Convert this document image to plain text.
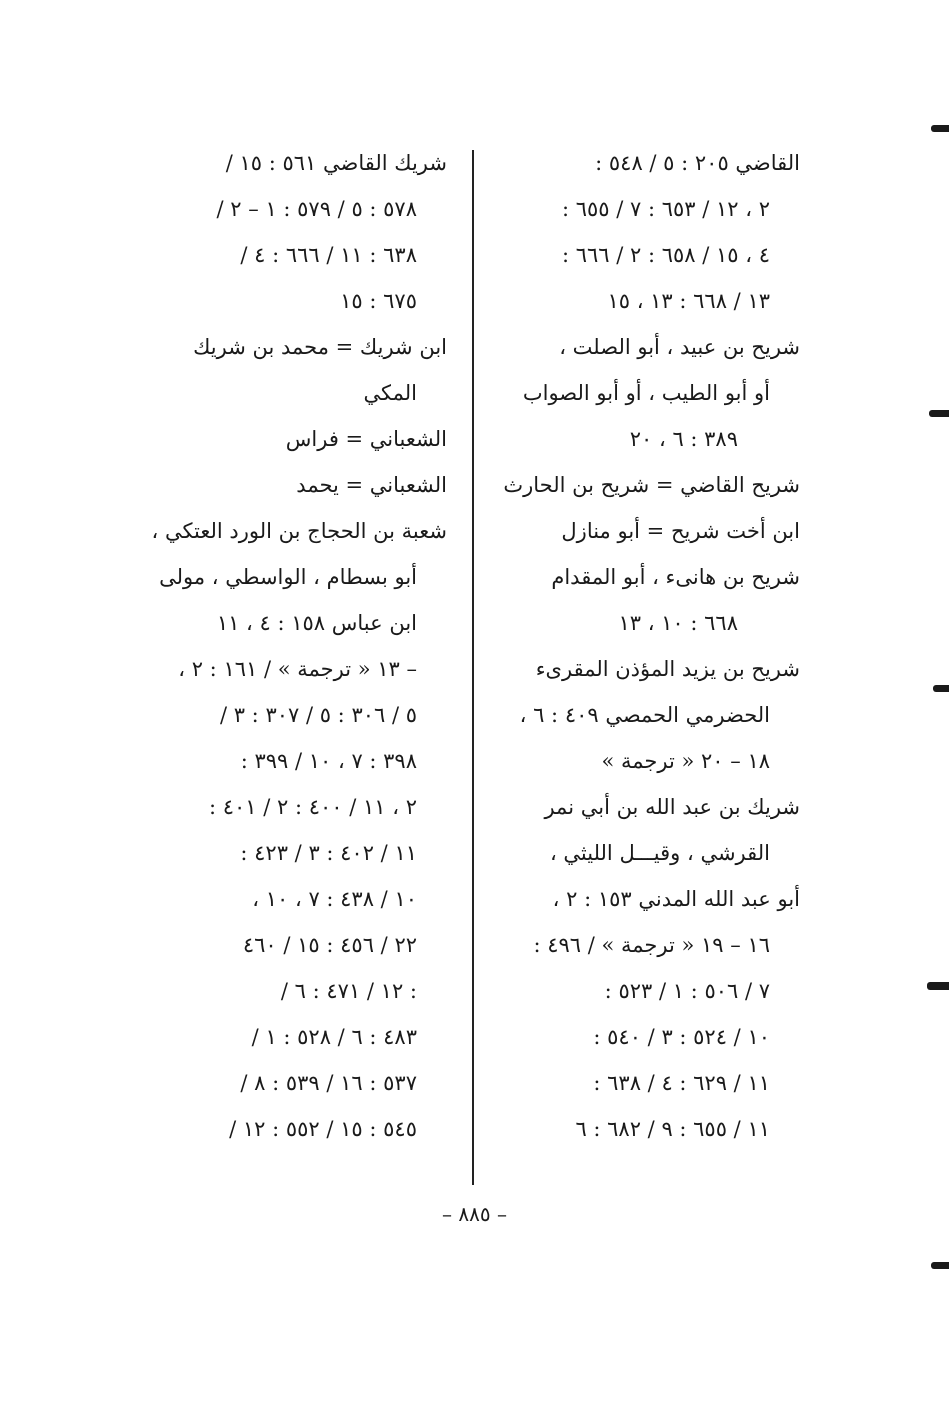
القاضي ٢٠٥ : ٥ / ٥٤٨ :
٢ ، ١٢ / ٦٥٣ : ٧ / ٦٥٥ :
٤ ، ١٥ / ٦٥٨ : ٢ / ٦٦٦ :
١٣ / ٦٦٨ : ١٣ ، ١٥
شريح بن عبيد ، أبو الصلت ،
أو أبو الطيب ، أو أبو الصواب
٣٨٩ : ٦ ، ٢٠
شريح القاضي = شريح بن الحارث
ابن أخت شريح = أبو منازل
شريح بن هانىء ، أبو المقدام
٦٦٨ : ١٠ ، ١٣
شريح بن يزيد المؤذن المقرىء
الحضرمي الحمصي ٤٠٩ : ٦ ،
١٨ – ٢٠ « ترجمة »
شريك بن عبد الله بن أبي نمر
القرشي ، وقيـــل الليثي ،
أبو عبد الله المدني ١٥٣ : ٢ ،
١٦ – ١٩ « ترجمة » / ٤٩٦ :
٧ / ٥٠٦ : ١ / ٥٢٣ :
١٠ / ٥٢٤ : ٣ / ٥٤٠ :
١١ / ٦٢٩ : ٤ / ٦٣٨ :
١١ / ٦٥٥ : ٩ / ٦٨٢ : ٦
شريك القاضي ٥٦١ : ١٥ /
٥٧٨ : ٥ / ٥٧٩ : ١ – ٢ /
٦٣٨ : ١١ / ٦٦٦ : ٤ /
٦٧٥ : ١٥
ابن شريك = محمد بن شريك
المكي
الشعباني = فراس
الشعباني = يحمد
شعبة بن الحجاج بن الورد العتكي ،
أبو بسطام ، الواسطي ، مولى
ابن عباس ١٥٨ : ٤ ، ١١
– ١٣ « ترجمة » / ١٦١ : ٢ ،
٥ / ٣٠٦ : ٥ / ٣٠٧ : ٣ /
٣٩٨ : ٧ ، ١٠ / ٣٩٩ :
٢ ، ١١ / ٤٠٠ : ٢ / ٤٠١ :
١١ / ٤٠٢ : ٣ / ٤٢٣ :
١٠ / ٤٣٨ : ٧ ، ١٠ ،
٢٢ / ٤٥٦ : ١٥ / ٤٦٠
: ١٢ / ٤٧١ : ٦ /
٤٨٣ : ٦ / ٥٢٨ : ١ /
٥٣٧ : ١٦ / ٥٣٩ : ٨ /
٥٤٥ : ١٥ / ٥٥٢ : ١٢ /
– ٨٨٥ –
